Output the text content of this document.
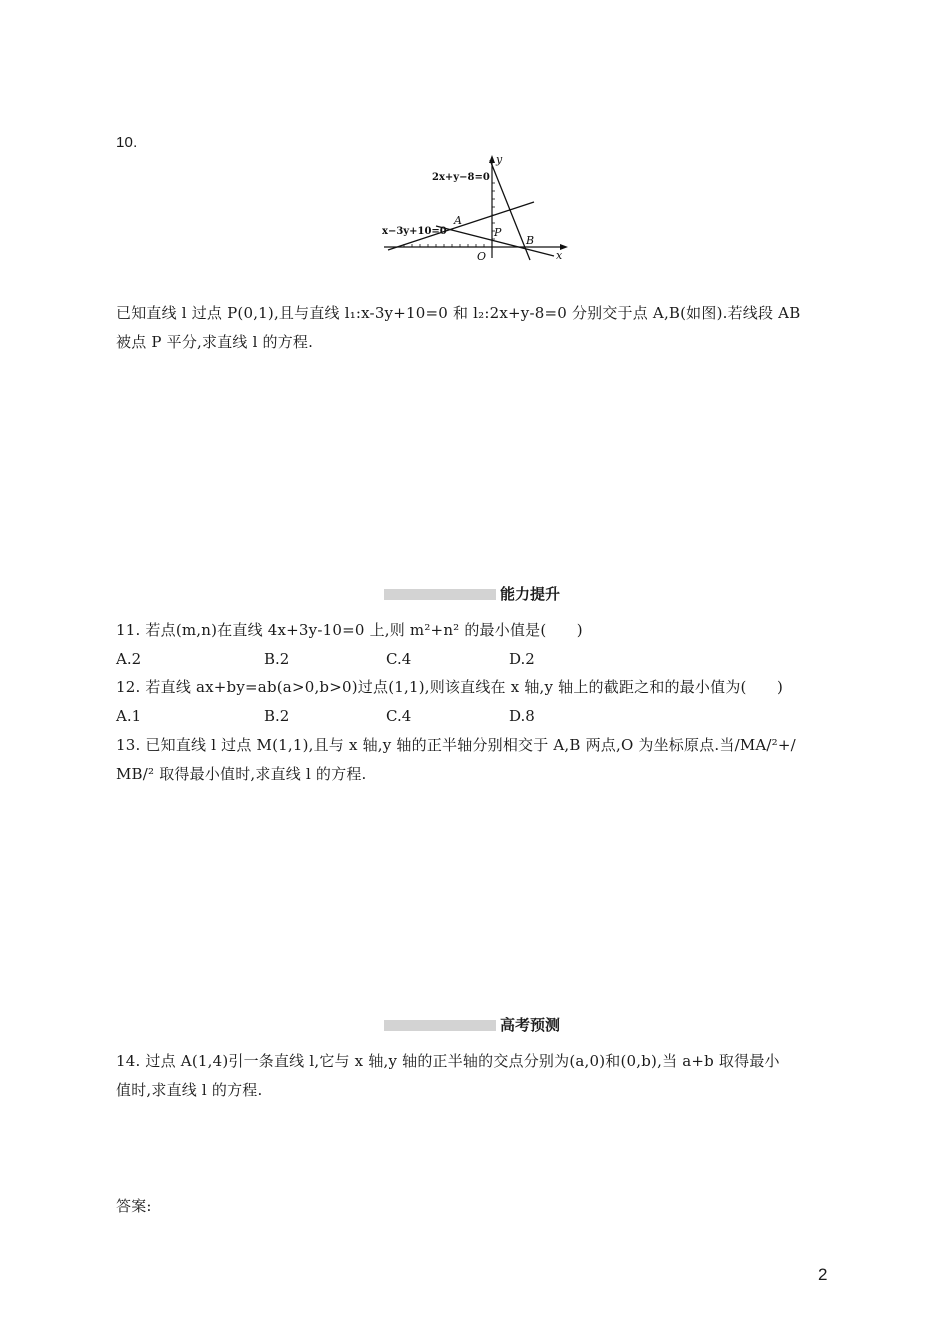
10.
2x+y−8=0
x−3y+10=0
A
P
B
O	x
y
已知直线 l 过点 P(0,1),且与直线 l₁:x-3y+10=0 和 l₂:2x+y-8=0 分别交于点 A,B(如图).若线段 AB
被点 P 平分,求直线 l 的方程.
能力提升
11. 若点(m,n)在直线 4x+3y-10=0 上,则 m²+n² 的最小值是(　　)
A.2	B.2	C.4	D.2
12. 若直线 ax+by=ab(a>0,b>0)过点(1,1),则该直线在 x 轴,y 轴上的截距之和的最小值为(　　)
A.1	B.2	C.4	D.8
13. 已知直线 l 过点 M(1,1),且与 x 轴,y 轴的正半轴分别相交于 A,B 两点,O 为坐标原点.当/MA/²+/
MB/² 取得最小值时,求直线 l 的方程.
高考预测
14. 过点 A(1,4)引一条直线 l,它与 x 轴,y 轴的正半轴的交点分别为(a,0)和(0,b),当 a+b 取得最小
值时,求直线 l 的方程.
答案:
2
